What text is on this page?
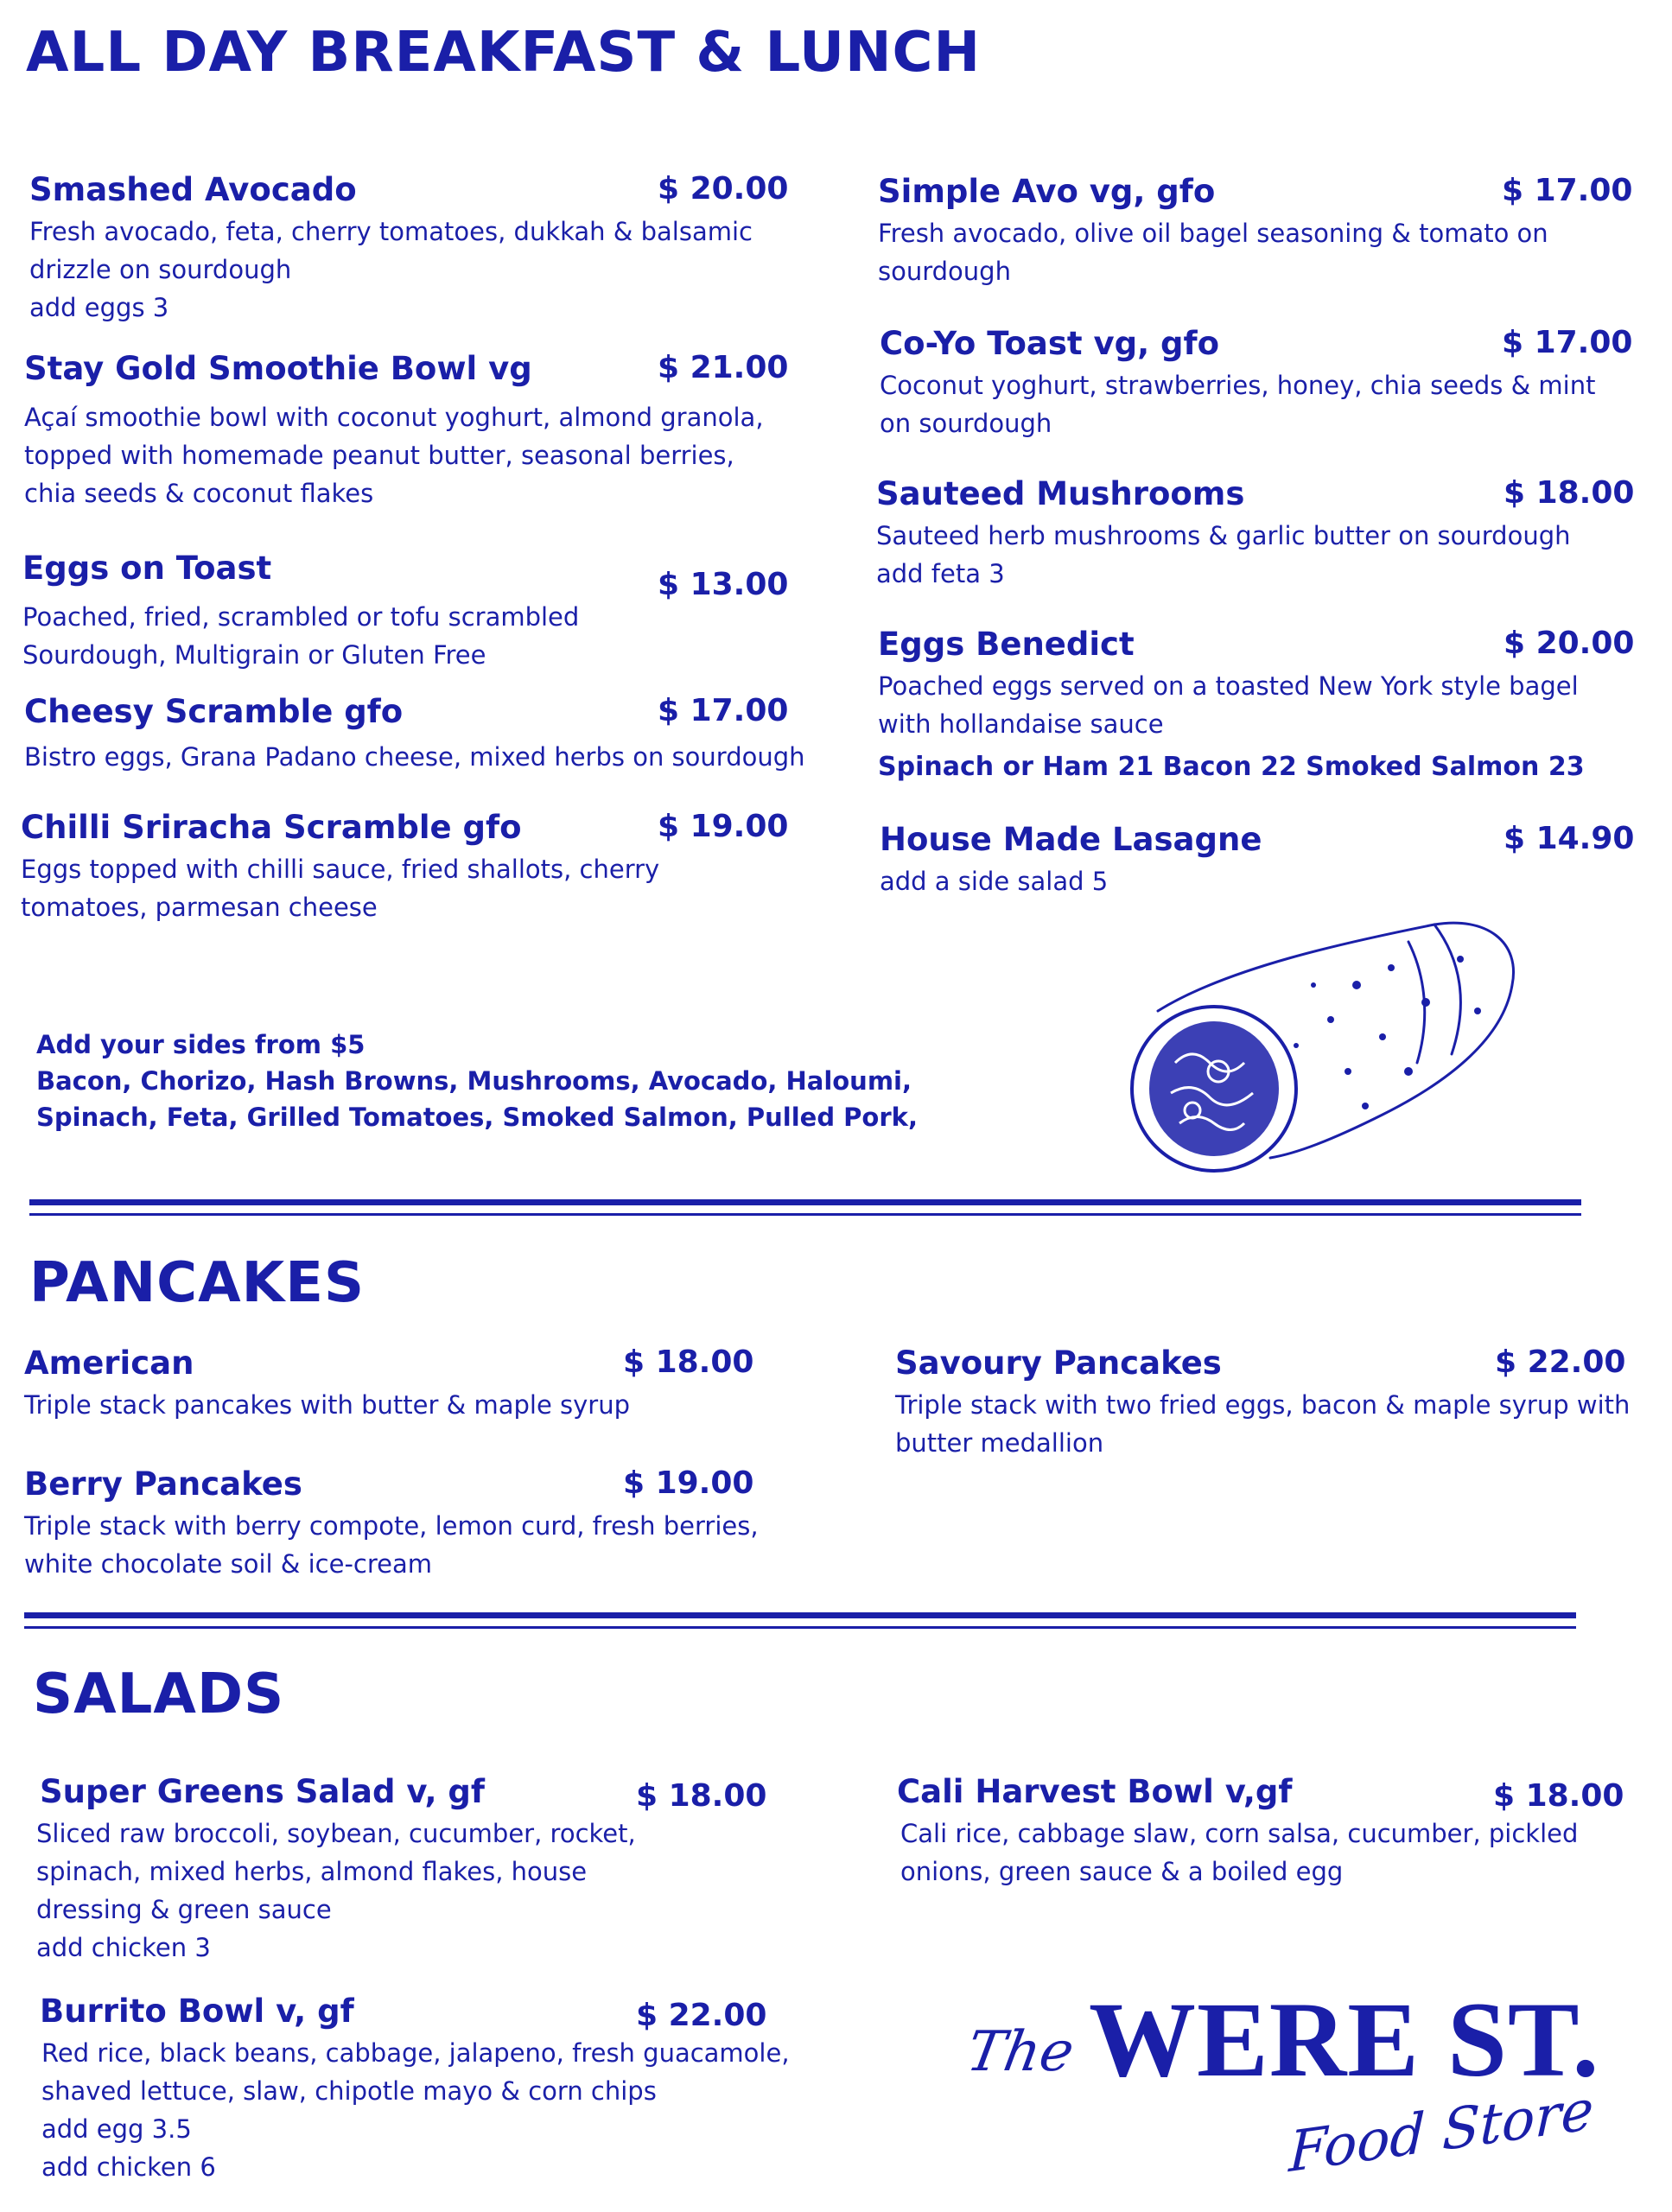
ALL DAY BREAKFAST & LUNCH
Smashed Avocado	$ 20.00
Fresh avocado, feta, cherry tomatoes, dukkah & balsamic
drizzle on sourdough
add eggs 3
Stay Gold Smoothie Bowl vg	$ 21.00
Açaí smoothie bowl with coconut yoghurt, almond granola,
topped with homemade peanut butter, seasonal berries,
chia seeds & coconut flakes
Eggs on Toast	$ 13.00
Poached, fried, scrambled or tofu scrambled
Sourdough, Multigrain or Gluten Free
Cheesy Scramble gfo	$ 17.00
Bistro eggs, Grana Padano cheese, mixed herbs on sourdough
Chilli Sriracha Scramble gfo	$ 19.00
Eggs topped with chilli sauce, fried shallots, cherry
tomatoes, parmesan cheese
Simple Avo vg, gfo	$ 17.00
Fresh avocado, olive oil bagel seasoning & tomato on
sourdough
Co-Yo Toast vg, gfo	$ 17.00
Coconut yoghurt, strawberries, honey, chia seeds & mint
on sourdough
Sauteed Mushrooms	$ 18.00
Sauteed herb mushrooms & garlic butter on sourdough
add feta 3
Eggs Benedict	$ 20.00
Poached eggs served on a toasted New York style bagel
with hollandaise sauce
Spinach or Ham 21 Bacon 22 Smoked Salmon 23
House Made Lasagne	$ 14.90
add a side salad 5
Add your sides from $5
Bacon, Chorizo, Hash Browns, Mushrooms, Avocado, Haloumi,
Spinach, Feta, Grilled Tomatoes, Smoked Salmon, Pulled Pork,
PANCAKES
American	$ 18.00
Triple stack pancakes with butter & maple syrup
Berry Pancakes	$ 19.00
Triple stack with berry compote, lemon curd, fresh berries,
white chocolate soil & ice-cream
Savoury Pancakes	$ 22.00
Triple stack with two fried eggs, bacon & maple syrup with
butter medallion
SALADS
Super Greens Salad v, gf	$ 18.00
Sliced raw broccoli, soybean, cucumber, rocket,
spinach, mixed herbs, almond flakes, house
dressing & green sauce
add chicken 3
Burrito Bowl v, gf	$ 22.00
Red rice, black beans, cabbage, jalapeno, fresh guacamole,
shaved lettuce, slaw, chipotle mayo & corn chips
add egg 3.5
add chicken 6
Cali Harvest Bowl v,gf	$ 18.00
Cali rice, cabbage slaw, corn salsa, cucumber, pickled
onions, green sauce & a boiled egg
The WERE ST.
Food Store
